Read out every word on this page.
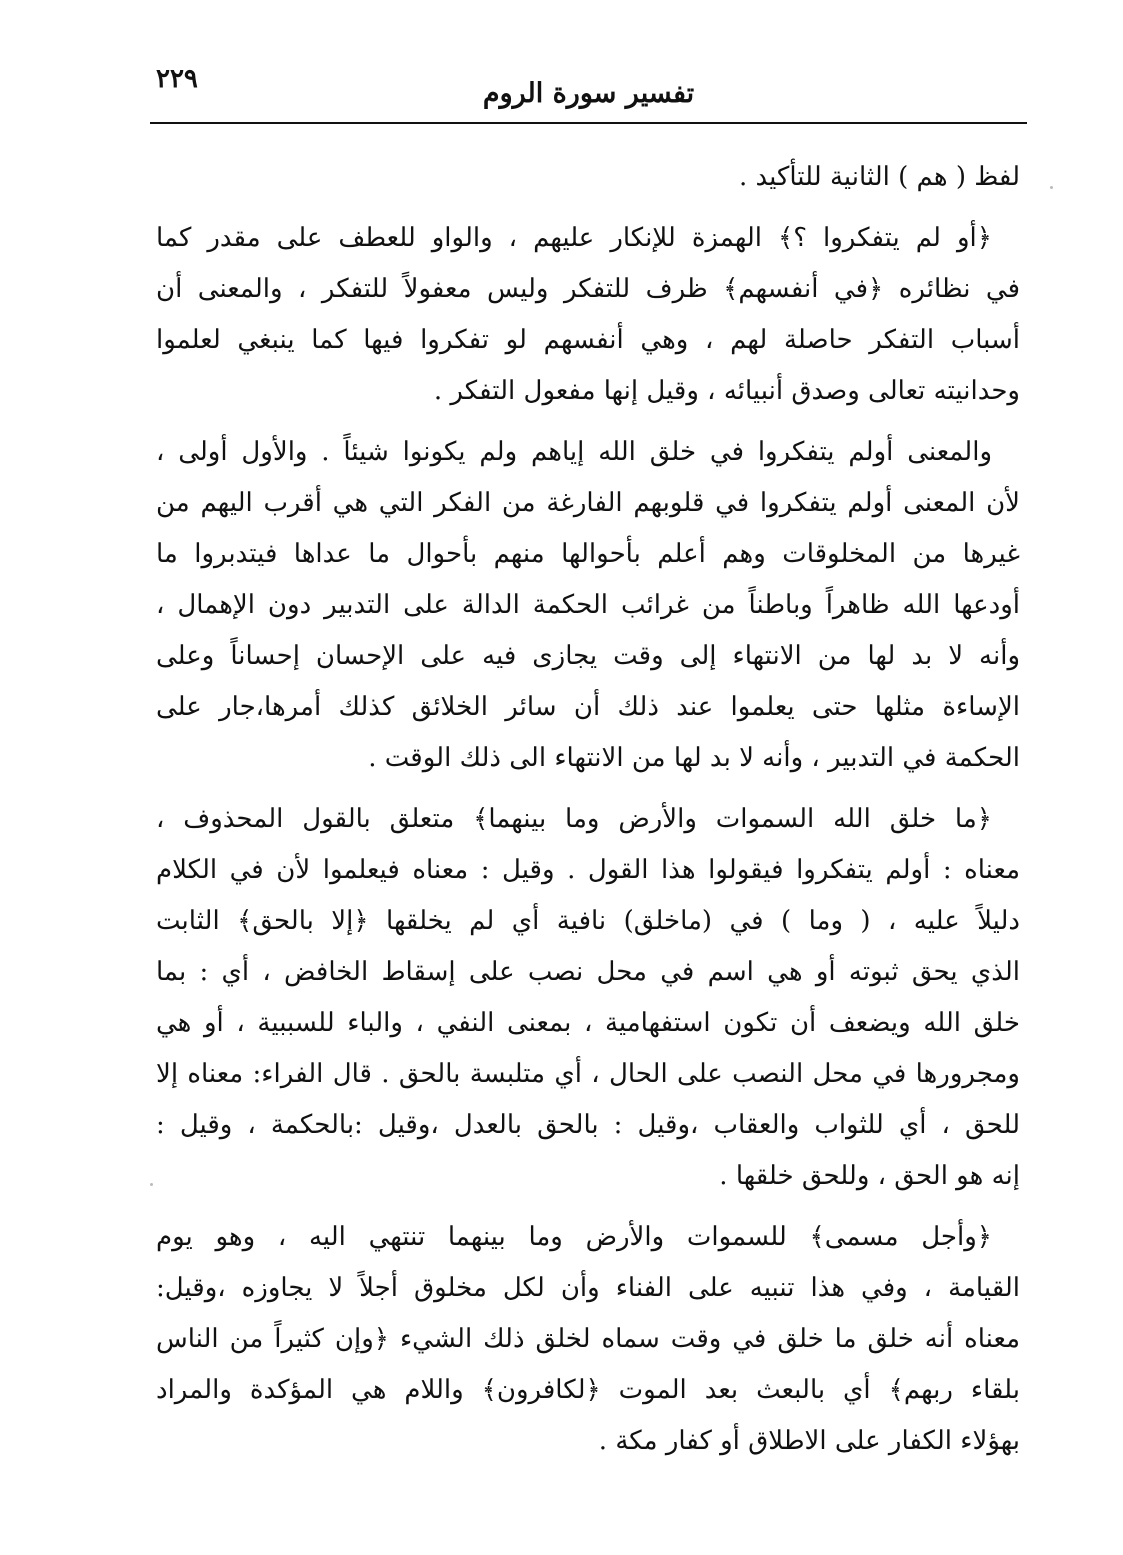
٢٢٩	تفسير سورة الروم
لفظ ( هم ) الثانية للتأكيد .
﴿أو لم يتفكروا ؟﴾ الهمزة للإنكار عليهم ، والواو للعطف على مقدر كما
في نظائره ﴿في أنفسهم﴾ ظرف للتفكر وليس معفولاً للتفكر ، والمعنى أن
أسباب التفكر حاصلة لهم ، وهي أنفسهم لو تفكروا فيها كما ينبغي لعلموا
وحدانيته تعالى وصدق أنبيائه ، وقيل إنها مفعول التفكر .
والمعنى أولم يتفكروا في خلق الله إياهم ولم يكونوا شيئاً . والأول أولى ،
لأن المعنى أولم يتفكروا في قلوبهم الفارغة من الفكر التي هي أقرب اليهم من
غيرها من المخلوقات وهم أعلم بأحوالها منهم بأحوال ما عداها فيتدبروا ما
أودعها الله ظاهراً وباطناً من غرائب الحكمة الدالة على التدبير دون الإهمال ،
وأنه لا بد لها من الانتهاء إلى وقت يجازى فيه على الإحسان إحساناً وعلى
الإساءة مثلها حتى يعلموا عند ذلك أن سائر الخلائق كذلك أمرها،جار على
الحكمة في التدبير ، وأنه لا بد لها من الانتهاء الى ذلك الوقت .
﴿ما خلق الله السموات والأرض وما بينهما﴾ متعلق بالقول المحذوف ،
معناه : أولم يتفكروا فيقولوا هذا القول . وقيل : معناه فيعلموا لأن في الكلام
دليلاً عليه ، ( وما ) في (ماخلق) نافية أي لم يخلقها ﴿إلا بالحق﴾ الثابت
الذي يحق ثبوته أو هي اسم في محل نصب على إسقاط الخافض ، أي : بما
خلق الله ويضعف أن تكون استفهامية ، بمعنى النفي ، والباء للسببية ، أو هي
ومجرورها في محل النصب على الحال ، أي متلبسة بالحق . قال الفراء: معناه إلا
للحق ، أي للثواب والعقاب ،وقيل : بالحق بالعدل ،وقيل :بالحكمة ، وقيل :
إنه هو الحق ، وللحق خلقها .
﴿وأجل مسمى﴾ للسموات والأرض وما بينهما تنتهي اليه ، وهو يوم
القيامة ، وفي هذا تنبيه على الفناء وأن لكل مخلوق أجلاً لا يجاوزه ،وقيل:
معناه أنه خلق ما خلق في وقت سماه لخلق ذلك الشيء ﴿وإن كثيراً من الناس
بلقاء ربهم﴾ أي بالبعث بعد الموت ﴿لكافرون﴾ واللام هي المؤكدة والمراد
بهؤلاء الكفار على الاطلاق أو كفار مكة .
